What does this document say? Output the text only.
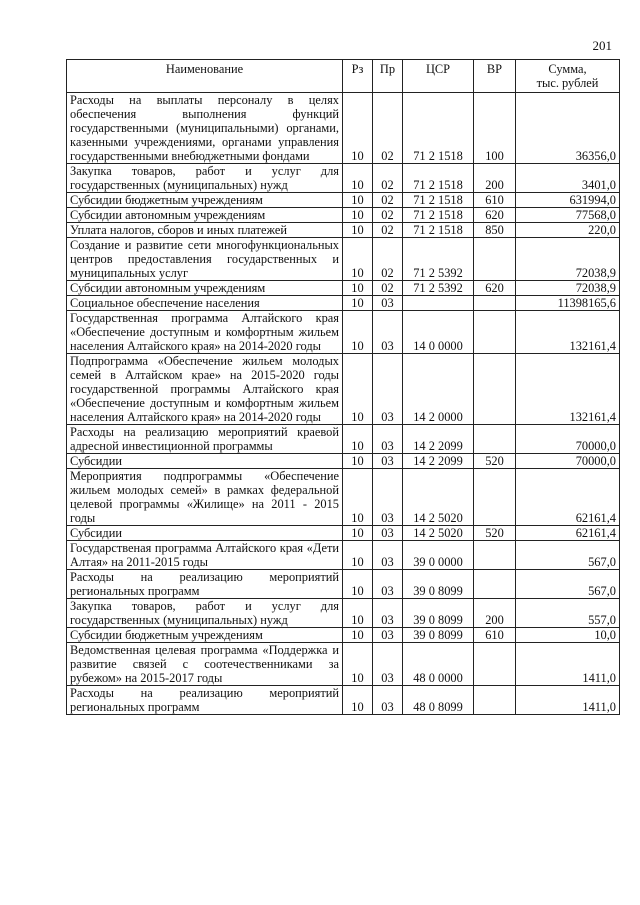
201
Наименование	Рз	Пр	ЦСР	ВР	Сумма,
тыс. рублей
Расходы на выплаты персоналу в целях обеспечения выполнения функций государственными (муниципальными) органами, казенными учреждениями, органами управления государственными внебюджетными фондами	10	02	71 2 1518	100	36356,0
Закупка товаров, работ и услуг для государственных (муниципальных) нужд	10	02	71 2 1518	200	3401,0
Субсидии бюджетным учреждениям	10	02	71 2 1518	610	631994,0
Субсидии автономным учреждениям	10	02	71 2 1518	620	77568,0
Уплата налогов, сборов и иных платежей	10	02	71 2 1518	850	220,0
Создание и развитие сети многофункциональных центров предоставления государственных и муниципальных услуг	10	02	71 2 5392		72038,9
Субсидии автономным учреждениям	10	02	71 2 5392	620	72038,9
Социальное обеспечение населения	10	03			11398165,6
Государственная программа Алтайского края «Обеспечение доступным и комфортным жильем населения Алтайского края» на 2014-2020 годы	10	03	14 0 0000		132161,4
Подпрограмма «Обеспечение жильем молодых семей в Алтайском крае» на 2015-2020 годы государственной программы Алтайского края «Обеспечение доступным и комфортным жильем населения Алтайского края» на 2014-2020 годы	10	03	14 2 0000		132161,4
Расходы на реализацию мероприятий краевой адресной инвестиционной программы	10	03	14 2 2099		70000,0
Субсидии	10	03	14 2 2099	520	70000,0
Мероприятия подпрограммы «Обеспечение жильем молодых семей» в рамках федеральной целевой программы «Жилище» на 2011 - 2015 годы	10	03	14 2 5020		62161,4
Субсидии	10	03	14 2 5020	520	62161,4
Государственая программа Алтайского края «Дети Алтая» на 2011-2015 годы	10	03	39 0 0000		567,0
Расходы на реализацию мероприятий региональных программ	10	03	39 0 8099		567,0
Закупка товаров, работ и услуг для государственных (муниципальных) нужд	10	03	39 0 8099	200	557,0
Субсидии бюджетным учреждениям	10	03	39 0 8099	610	10,0
Ведомственная целевая программа «Поддержка и развитие связей с соотечественниками за рубежом» на 2015-2017 годы	10	03	48 0 0000		1411,0
Расходы на реализацию мероприятий региональных программ	10	03	48 0 8099		1411,0
